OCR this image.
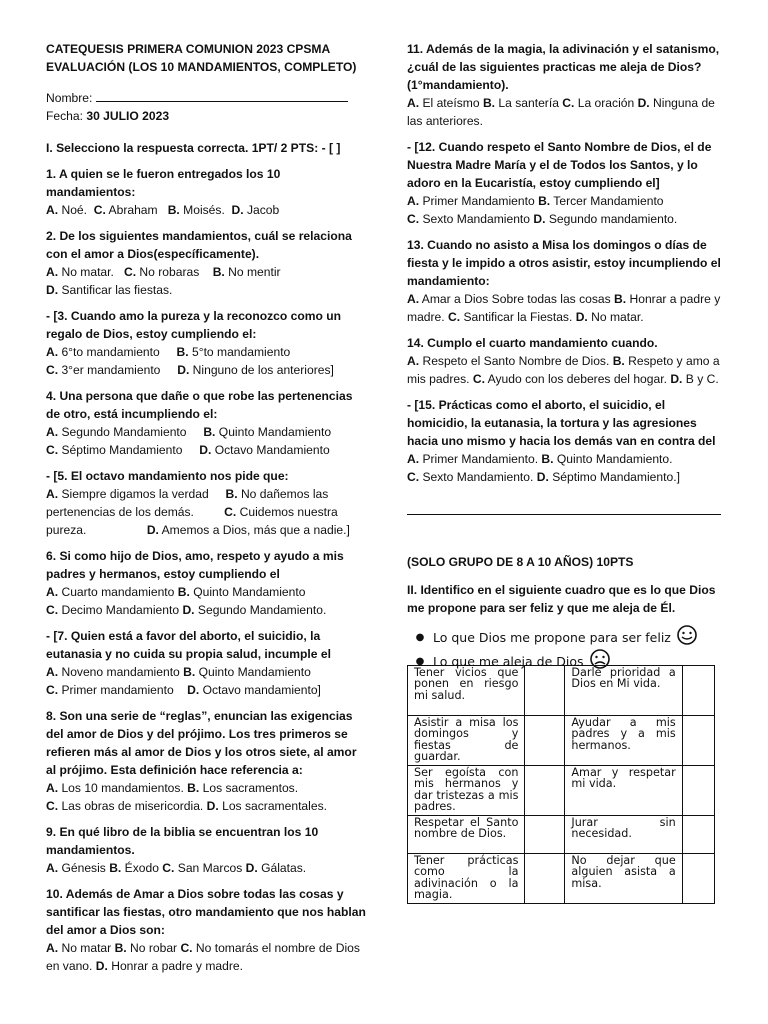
CATEQUESIS PRIMERA COMUNION 2023 CPSMA

EVALUACIÓN (LOS 10 MANDAMIENTOS, COMPLETO)

Nombre:
Fecha: 30 JULIO 2023

I. Selecciono la respuesta correcta. 1PT/ 2 PTS: - [ ]

1. A quien se le fueron entregados los 10 mandamientos:

A. Noé.  C. Abraham   B. Moisés.  D. Jacob

2. De los siguientes mandamientos, cuál se relaciona con el amor a Dios(específicamente).

A. No matar.   C. No robaras    B. No mentir

D. Santificar las fiestas.

- [3. Cuando amo la pureza y la reconozco como un regalo de Dios, estoy cumpliendo el:

A. 6°to mandamiento     B. 5°to mandamiento

C. 3°er mandamiento     D. Ninguno de los anteriores]

4. Una persona que dañe o que robe las pertenencias de otro, está incumpliendo el:

A. Segundo Mandamiento     B. Quinto Mandamiento

C. Séptimo Mandamiento     D. Octavo Mandamiento

- [5. El octavo mandamiento nos pide que:

A. Siempre digamos la verdad     B. No dañemos las

pertenencias de los demás.         C. Cuidemos nuestra

pureza.                  D. Amemos a Dios, más que a nadie.]

6. Si como hijo de Dios, amo, respeto y ayudo a mis padres y hermanos, estoy cumpliendo el

A. Cuarto mandamiento B. Quinto Mandamiento

C. Decimo Mandamiento D. Segundo Mandamiento.

- [7. Quien está a favor del aborto, el suicidio, la eutanasia y no cuida su propia salud, incumple el

A. Noveno mandamiento B. Quinto Mandamiento

C. Primer mandamiento    D. Octavo mandamiento]

8. Son una serie de “reglas”, enuncian las exigencias del amor de Dios y del prójimo. Los tres primeros se refieren más al amor de Dios y los otros siete, al amor al prójimo. Esta definición hace referencia a:

A. Los 10 mandamientos. B. Los sacramentos.

C. Las obras de misericordia. D. Los sacramentales.

9. En qué libro de la biblia se encuentran los 10 mandamientos.

A. Génesis B. Éxodo C. San Marcos D. Gálatas.

10. Además de Amar a Dios sobre todas las cosas y santificar las fiestas, otro mandamiento que nos hablan del amor a Dios son:

A. No matar B. No robar C. No tomarás el nombre de Dios en vano. D. Honrar a padre y madre.

11. Además de la magia, la adivinación y el satanismo, ¿cuál de las siguientes practicas me aleja de Dios? (1°mandamiento).

A. El ateísmo B. La santería C. La oración D. Ninguna de las anteriores.

- [12. Cuando respeto el Santo Nombre de Dios, el de Nuestra Madre María y el de Todos los Santos, y lo adoro en la Eucaristía, estoy cumpliendo el]

A. Primer Mandamiento B. Tercer Mandamiento

C. Sexto Mandamiento D. Segundo mandamiento.

13. Cuando no asisto a Misa los domingos o días de fiesta y le impido a otros asistir, estoy incumpliendo el mandamiento:

A. Amar a Dios Sobre todas las cosas B. Honrar a padre y madre. C. Santificar la Fiestas. D. No matar.

14. Cumplo el cuarto mandamiento cuando.

A. Respeto el Santo Nombre de Dios. B. Respeto y amo a mis padres. C. Ayudo con los deberes del hogar. D. B y C.

- [15. Prácticas como el aborto, el suicidio, el homicidio, la eutanasia, la tortura y las agresiones hacia uno mismo y hacia los demás van en contra del

A. Primer Mandamiento. B. Quinto Mandamiento.

C. Sexto Mandamiento. D. Séptimo Mandamiento.]

(SOLO GRUPO DE 8 A 10 AÑOS) 10PTS

II. Identifico en el siguiente cuadro que es lo que Dios me propone para ser feliz y que me aleja de Él.

● Lo que Dios me propone para ser feliz
● Lo que me aleja de Dios
Tener vicios que ponen en riesgo mi salud.		Darle prioridad a Dios en Mi vida.	
Asistir a misa los domingos y fiestas de guardar.		Ayudar a mis padres y a mis hermanos.	
Ser egoísta con mis hermanos y dar tristezas a mis padres.		Amar y respetar mi vida.	
Respetar el Santo nombre de Dios.		Jurar sin necesidad.	
Tener prácticas como la adivinación o la magia.		No dejar que alguien asista a misa.	
